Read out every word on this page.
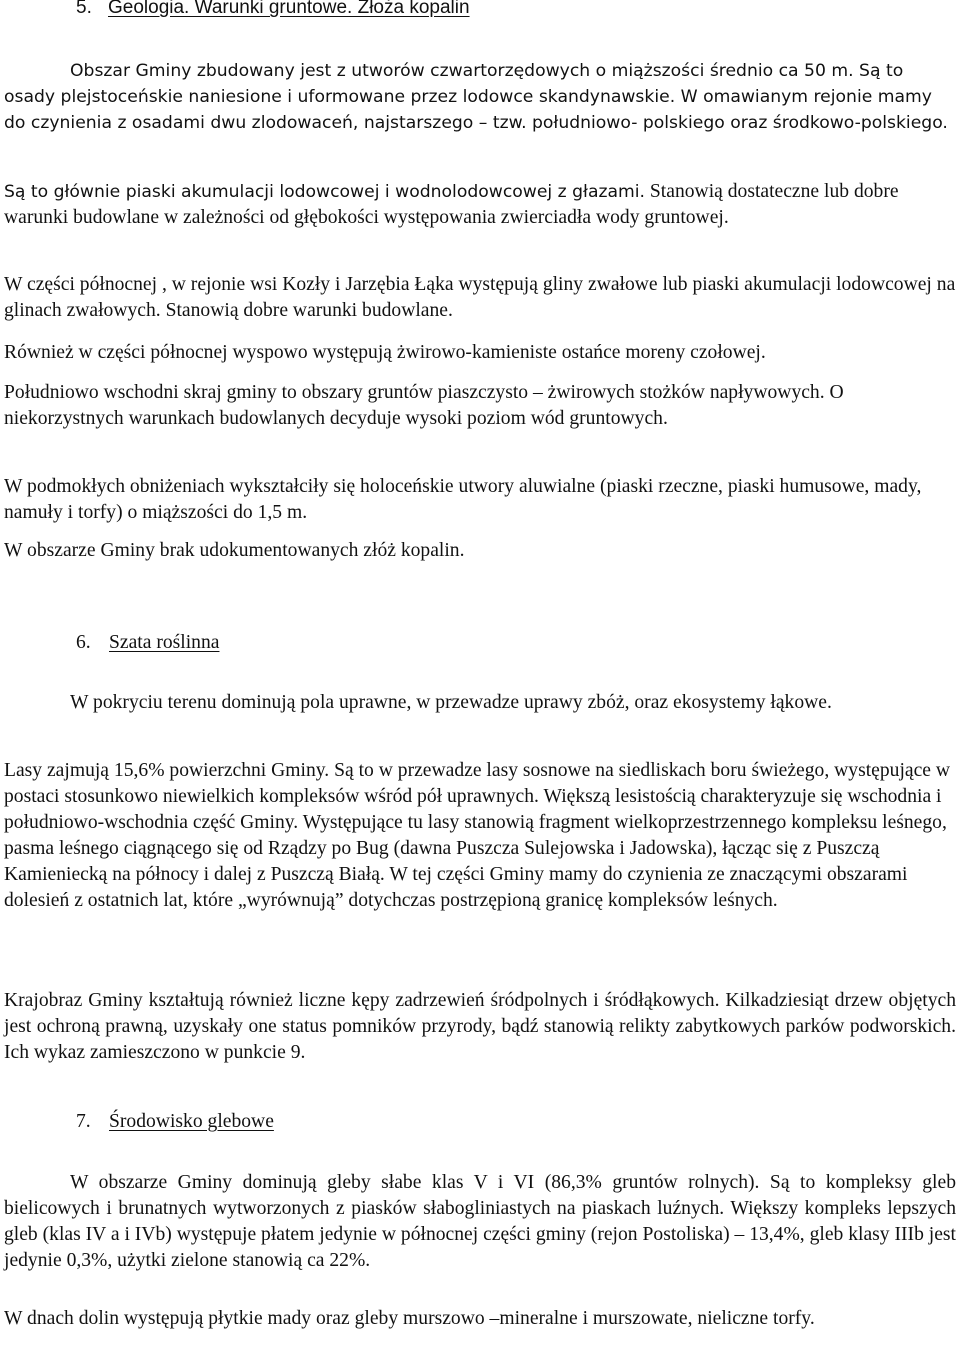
5. Geologia. Warunki gruntowe. Złoża kopalin

Obszar Gminy zbudowany jest z utworów czwartorzędowych o miąższości średnio ca 50 m. Są to osady plejstoceńskie naniesione i uformowane przez lodowce skandynawskie. W omawianym rejonie mamy do czynienia z osadami dwu zlodowaceń, najstarszego – tzw. południowo- polskiego oraz środkowo-polskiego.

Są to głównie piaski akumulacji lodowcowej i wodnolodowcowej z głazami. Stanowią dostateczne lub dobre warunki budowlane w zależności od głębokości występowania zwierciadła wody gruntowej.

W części północnej , w rejonie wsi Kozły i Jarzębia Łąka występują gliny zwałowe lub piaski akumulacji lodowcowej na glinach zwałowych. Stanowią dobre warunki budowlane.

Również w części północnej wyspowo występują żwirowo-kamieniste ostańce moreny czołowej.

Południowo wschodni skraj gminy to obszary gruntów piaszczysto – żwirowych stożków napływowych. O niekorzystnych warunkach budowlanych decyduje wysoki poziom wód gruntowych.

W podmokłych obniżeniach wykształciły się holoceńskie utwory aluwialne (piaski rzeczne, piaski humusowe, mady, namuły i torfy) o miąższości do 1,5 m.

W obszarze Gminy brak udokumentowanych złóż kopalin.

6. Szata roślinna

W pokryciu terenu dominują pola uprawne, w przewadze uprawy zbóż, oraz ekosystemy łąkowe.

Lasy zajmują 15,6% powierzchni Gminy. Są to w przewadze lasy sosnowe na siedliskach boru świeżego, występujące w postaci stosunkowo niewielkich kompleksów wśród pół uprawnych. Większą lesistością charakteryzuje się wschodnia i południowo-wschodnia część Gminy. Występujące tu lasy stanowią fragment wielkoprzestrzennego kompleksu leśnego, pasma leśnego ciągnącego się od Rządzy po Bug (dawna Puszcza Sulejowska i Jadowska), łącząc się z Puszczą Kamieniecką na północy i dalej z Puszczą Białą. W tej części Gminy mamy do czynienia ze znaczącymi obszarami dolesień z ostatnich lat, które „wyrównują” dotychczas postrzępioną granicę kompleksów leśnych.

Krajobraz Gminy kształtują również liczne kępy zadrzewień śródpolnych i śródłąkowych. Kilkadziesiąt drzew objętych jest ochroną prawną, uzyskały one status pomników przyrody, bądź stanowią relikty zabytkowych parków podworskich. Ich wykaz zamieszczono w punkcie 9.

7. Środowisko glebowe

W obszarze Gminy dominują gleby słabe klas V i VI (86,3% gruntów rolnych). Są to kompleksy gleb bielicowych i brunatnych wytworzonych z piasków słabogliniastych na piaskach luźnych. Większy kompleks lepszych gleb (klas IV a i IVb) występuje płatem jedynie w północnej części gminy (rejon Postoliska) – 13,4%, gleb klasy IIIb jest jedynie 0,3%, użytki zielone stanowią ca 22%.

W dnach dolin występują płytkie mady oraz gleby murszowo –mineralne i murszowate, nieliczne torfy.
